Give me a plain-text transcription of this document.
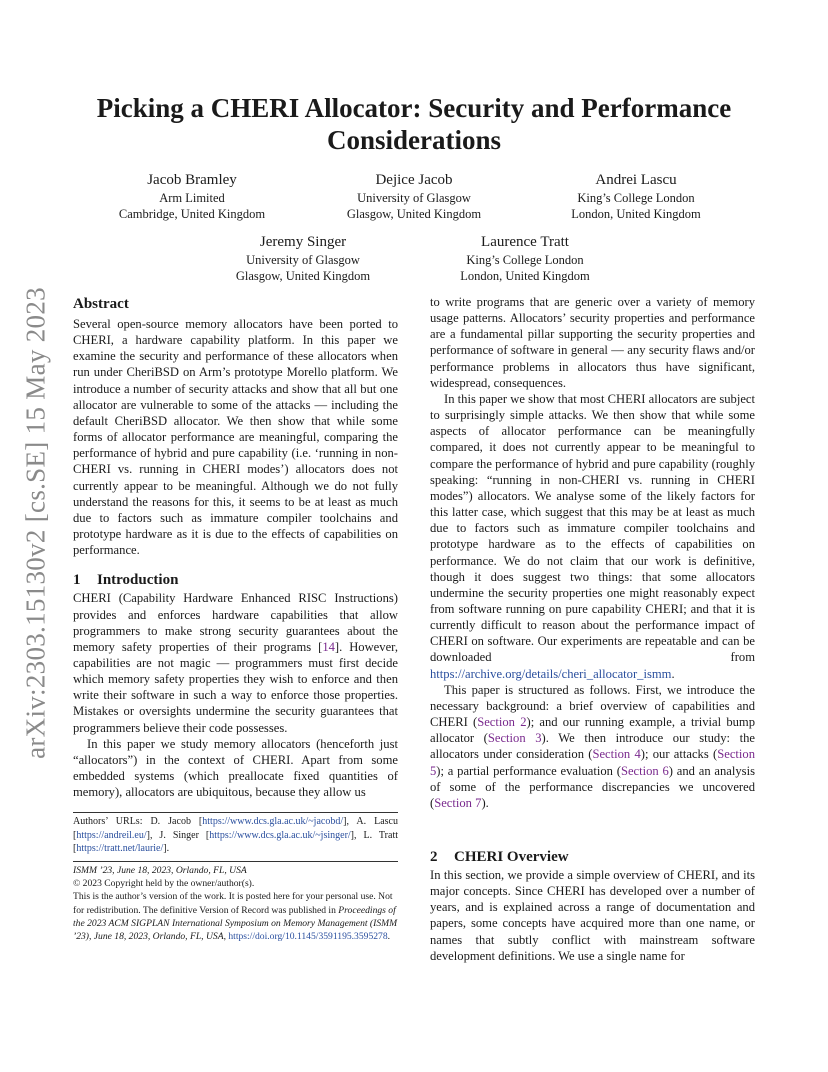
arXiv:2303.15130v2 [cs.SE] 15 May 2023
Picking a CHERI Allocator: Security and Performance
Considerations
Jacob Bramley
Arm Limited
Cambridge, United Kingdom
Dejice Jacob
University of Glasgow
Glasgow, United Kingdom
Andrei Lascu
King’s College London
London, United Kingdom
Jeremy Singer
University of Glasgow
Glasgow, United Kingdom
Laurence Tratt
King’s College London
London, United Kingdom
Abstract

Several open-source memory allocators have been ported to CHERI, a hardware capability platform. In this paper we examine the security and performance of these allocators when run under CheriBSD on Arm’s prototype Morello platform. We introduce a number of security attacks and show that all but one allocator are vulnerable to some of the attacks — including the default CheriBSD allocator. We then show that while some forms of allocator performance are meaningful, comparing the performance of hybrid and pure capability (i.e. ‘running in non-CHERI vs. running in CHERI modes’) allocators does not currently appear to be meaningful. Although we do not fully understand the reasons for this, it seems to be at least as much due to factors such as immature compiler toolchains and prototype hardware as it is due to the effects of capabilities on performance.

1 Introduction

CHERI (Capability Hardware Enhanced RISC Instructions) provides and enforces hardware capabilities that allow programmers to make strong security guarantees about the memory safety properties of their programs [14]. However, capabilities are not magic — programmers must first decide which memory safety properties they wish to enforce and then write their software in such a way to enforce those properties. Mistakes or oversights undermine the security guarantees that programmers believe their code possesses.

In this paper we study memory allocators (henceforth just “allocators”) in the context of CHERI. Apart from some embedded systems (which preallocate fixed quantities of memory), allocators are ubiquitous, because they allow us

to write programs that are generic over a variety of memory usage patterns. Allocators’ security properties and performance are a fundamental pillar supporting the security properties and performance of software in general — any security flaws and/or performance problems in allocators thus have significant, widespread, consequences.

In this paper we show that most CHERI allocators are subject to surprisingly simple attacks. We then show that while some aspects of allocator performance can be meaningfully compared, it does not currently appear to be meaningful to compare the performance of hybrid and pure capability (roughly speaking: “running in non-CHERI vs. running in CHERI modes”) allocators. We analyse some of the likely factors for this latter case, which suggest that this may be at least as much due to factors such as immature compiler toolchains and prototype hardware as to the effects of capabilities on performance. We do not claim that our work is definitive, though it does suggest two things: that some allocators undermine the security properties one might reasonably expect from software running on pure capability CHERI; and that it is currently difficult to reason about the performance impact of CHERI on software. Our experiments are repeatable and can be downloaded from https://archive.org/details/cheri_allocator_ismm.

This paper is structured as follows. First, we introduce the necessary background: a brief overview of capabilities and CHERI (Section 2); and our running example, a trivial bump allocator (Section 3). We then introduce our study: the allocators under consideration (Section 4); our attacks (Section 5); a partial performance evaluation (Section 6) and an analysis of some of the performance discrepancies we uncovered (Section 7).

2 CHERI Overview

In this section, we provide a simple overview of CHERI, and its major concepts. Since CHERI has developed over a number of years, and is explained across a range of documentation and papers, some concepts have acquired more than one name, or names that subtly conflict with mainstream software development definitions. We use a single name for

Authors’ URLs: D. Jacob [https://www.dcs.gla.ac.uk/~jacobd/], A. Lascu [https://andreil.eu/], J. Singer [https://www.dcs.gla.ac.uk/~jsinger/], L. Tratt [https://tratt.net/laurie/].

ISMM ’23, June 18, 2023, Orlando, FL, USA

© 2023 Copyright held by the owner/author(s).

This is the author’s version of the work. It is posted here for your personal use. Not for redistribution. The definitive Version of Record was published in Proceedings of the 2023 ACM SIGPLAN International Symposium on Memory Management (ISMM ’23), June 18, 2023, Orlando, FL, USA, https://doi.org/10.1145/3591195.3595278.
